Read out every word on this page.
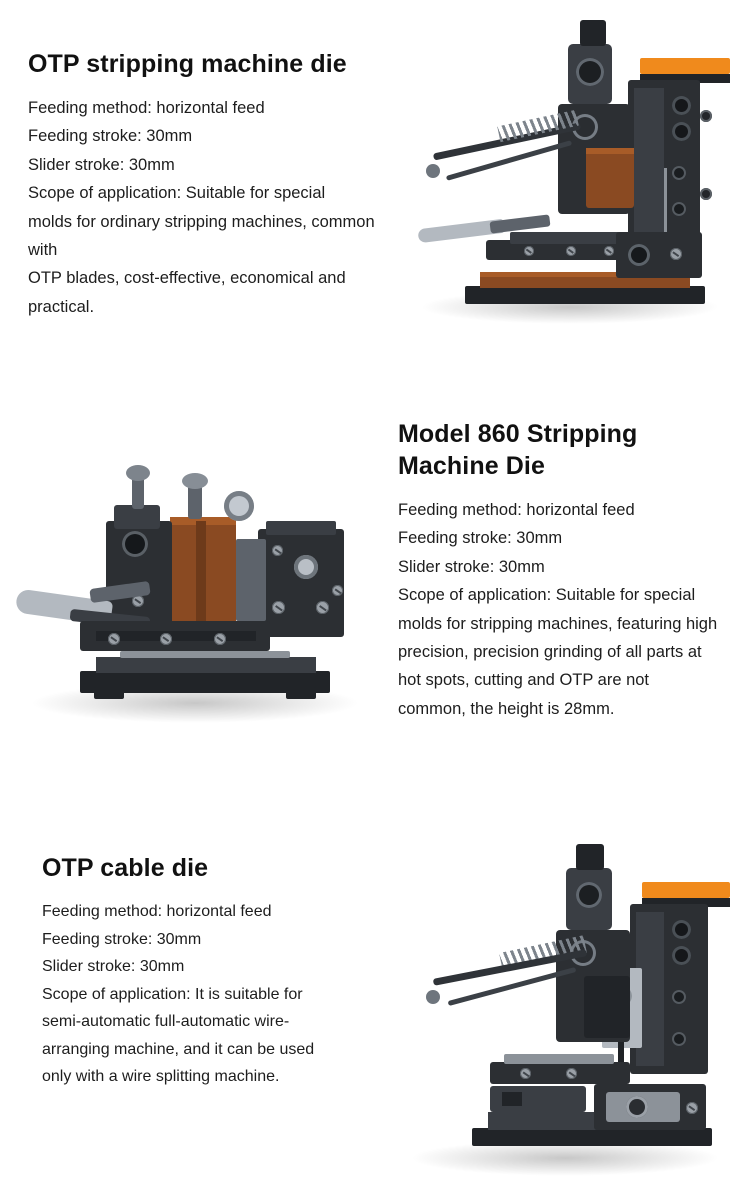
OTP stripping machine die
Feeding method: horizontal feed
Feeding stroke: 30mm
Slider stroke: 30mm
Scope of application: Suitable for special
molds for ordinary stripping machines, common with
OTP blades, cost-effective, economical and practical.
Model 860 Stripping Machine Die
Feeding method: horizontal feed
Feeding stroke: 30mm
Slider stroke: 30mm
Scope of application: Suitable for special
molds for stripping machines, featuring high
precision, precision grinding of all parts at
hot spots, cutting and OTP are not
common, the height is 28mm.
OTP cable die
Feeding method: horizontal feed
Feeding stroke: 30mm
Slider stroke: 30mm
Scope of application: It is suitable for
semi-automatic full-automatic wire-
arranging machine, and it can be used
only with a wire splitting machine.
